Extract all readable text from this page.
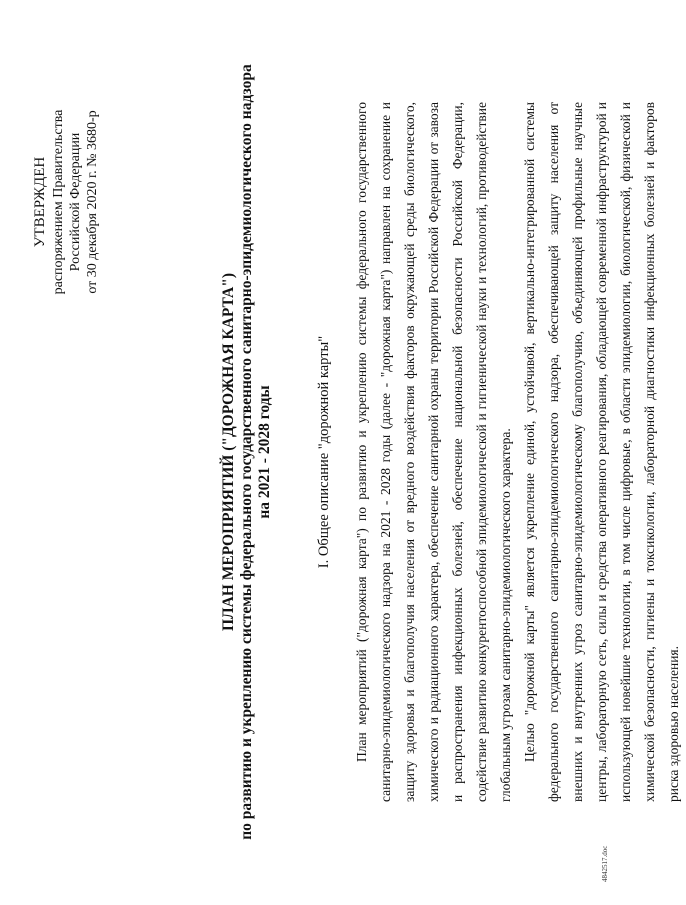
УТВЕРЖДЕН распоряжением Правительства Российской Федерации от 30 декабря 2020 г. № 3680-р
ПЛАН МЕРОПРИЯТИЙ ("ДОРОЖНАЯ КАРТА") по развитию и укреплению системы федерального государственного санитарно-эпидемиологического надзора на 2021 - 2028 годы	I. Общее описание "дорожной карты" План мероприятий ("дорожная карта") по развитию и укреплению системы федерального государственного санитарно-эпидемиологического надзора на 2021 - 2028 годы (далее - "дорожная карта") направлен на сохранение и защиту здоровья и благополучия населения от вредного воздействия факторов окружающей среды биологического, химического и радиационного характера, обеспечение санитарной охраны территории Российской Федерации от завоза и распространения инфекционных болезней, обеспечение национальной безопасности Российской Федерации, содействие развитию конкурентоспособной эпидемиологической и гигиенической науки и технологий, противодействие глобальным угрозам санитарно-эпидемиологического характера. Целью "дорожной карты" является укрепление единой, устойчивой, вертикально-интегрированной системы федерального государственного санитарно-эпидемиологического надзора, обеспечивающей защиту населения от внешних и внутренних угроз санитарно-эпидемиологическому благополучию, объединяющей профильные научные центры, лабораторную сеть, силы и средства оперативного реагирования, обладающей современной инфраструктурой и использующей новейшие технологии, в том числе цифровые, в области эпидемиологии, биологической, физической и химической безопасности, гигиены и токсикологии, лабораторной диагностики инфекционных болезней и факторов риска здоровью населения.

4842517.doc
